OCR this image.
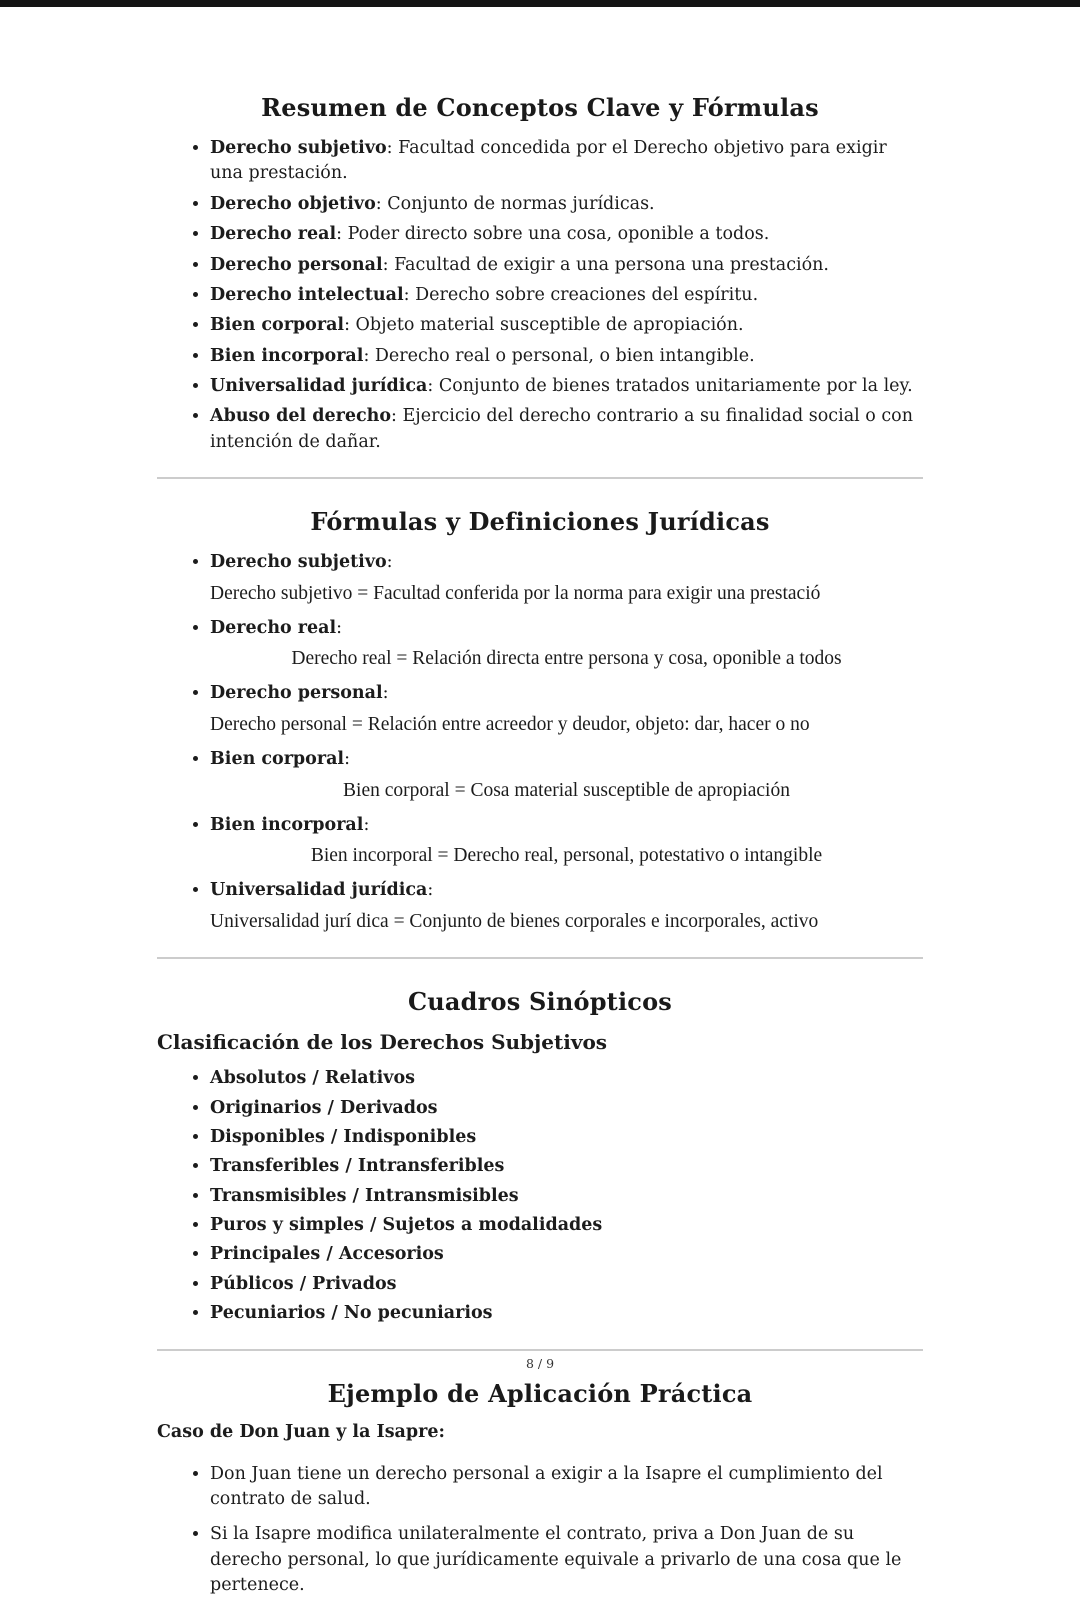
Resumen de Conceptos Clave y Fórmulas
• Derecho subjetivo: Facultad concedida por el Derecho objetivo para exigir una prestación.
• Derecho objetivo: Conjunto de normas jurídicas.
• Derecho real: Poder directo sobre una cosa, oponible a todos.
• Derecho personal: Facultad de exigir a una persona una prestación.
• Derecho intelectual: Derecho sobre creaciones del espíritu.
• Bien corporal: Objeto material susceptible de apropiación.
• Bien incorporal: Derecho real o personal, o bien intangible.
• Universalidad jurídica: Conjunto de bienes tratados unitariamente por la ley.
• Abuso del derecho: Ejercicio del derecho contrario a su finalidad social o con intención de dañar.
Fórmulas y Definiciones Jurídicas
• Derecho subjetivo:
Derecho subjetivo = Facultad conferida por la norma para exigir una prestació
• Derecho real:
Derecho real = Relación directa entre persona y cosa, oponible a todos
• Derecho personal:
Derecho personal = Relación entre acreedor y deudor, objeto: dar, hacer o no
• Bien corporal:
Bien corporal = Cosa material susceptible de apropiación
• Bien incorporal:
Bien incorporal = Derecho real, personal, potestativo o intangible
• Universalidad jurídica:
Universalidad jurí dica = Conjunto de bienes corporales e incorporales, activo
Cuadros Sinópticos
Clasificación de los Derechos Subjetivos
• Absolutos / Relativos
• Originarios / Derivados
• Disponibles / Indisponibles
• Transferibles / Intransferibles
• Transmisibles / Intransmisibles
• Puros y simples / Sujetos a modalidades
• Principales / Accesorios
• Públicos / Privados
• Pecuniarios / No pecuniarios
Ejemplo de Aplicación Práctica
Caso de Don Juan y la Isapre:
• Don Juan tiene un derecho personal a exigir a la Isapre el cumplimiento del contrato de salud.
• Si la Isapre modifica unilateralmente el contrato, priva a Don Juan de su derecho personal, lo que jurídicamente equivale a privarlo de una cosa que le pertenece.
8 / 9
